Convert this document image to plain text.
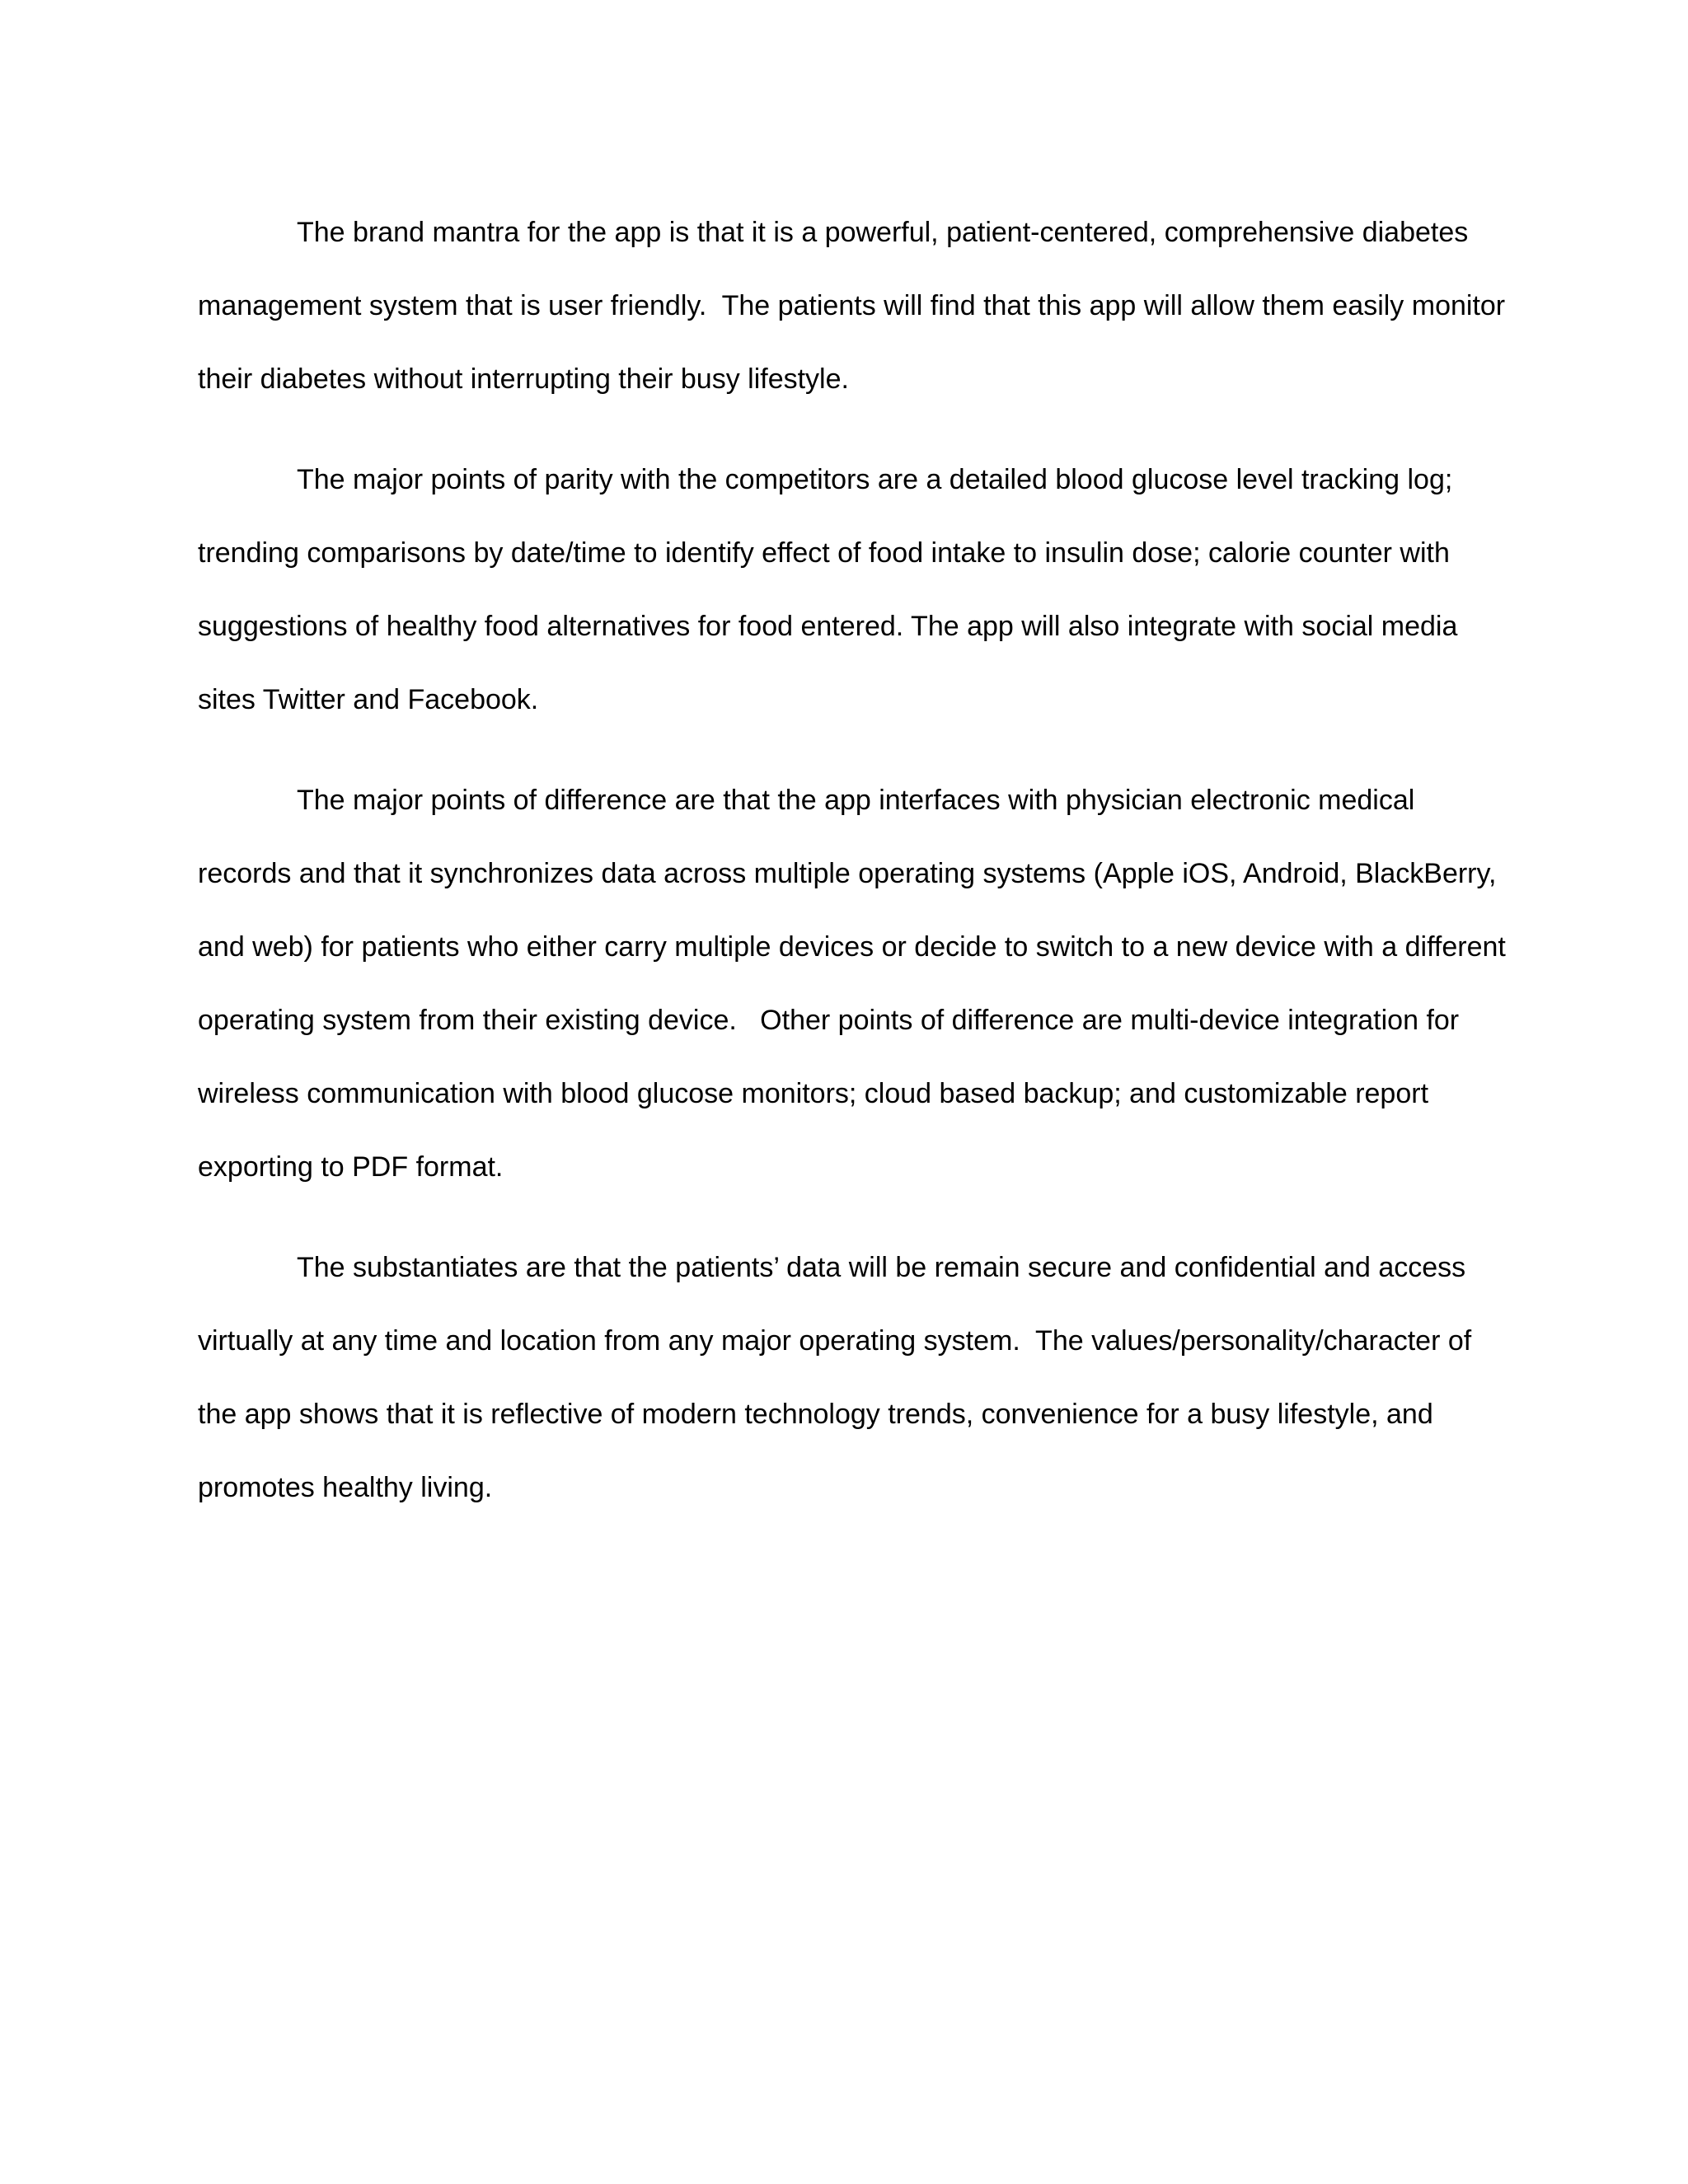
The brand mantra for the app is that it is a powerful, patient-centered, comprehensive diabetes management system that is user friendly.  The patients will find that this app will allow them easily monitor their diabetes without interrupting their busy lifestyle.

The major points of parity with the competitors are a detailed blood glucose level tracking log; trending comparisons by date/time to identify effect of food intake to insulin dose; calorie counter with suggestions of healthy food alternatives for food entered. The app will also integrate with social media sites Twitter and Facebook.

The major points of difference are that the app interfaces with physician electronic medical records and that it synchronizes data across multiple operating systems (Apple iOS, Android, BlackBerry, and web) for patients who either carry multiple devices or decide to switch to a new device with a different operating system from their existing device.   Other points of difference are multi-device integration for wireless communication with blood glucose monitors; cloud based backup; and customizable report exporting to PDF format.

The substantiates are that the patients’ data will be remain secure and confidential and access virtually at any time and location from any major operating system.  The values/personality/character of the app shows that it is reflective of modern technology trends, convenience for a busy lifestyle, and promotes healthy living.
